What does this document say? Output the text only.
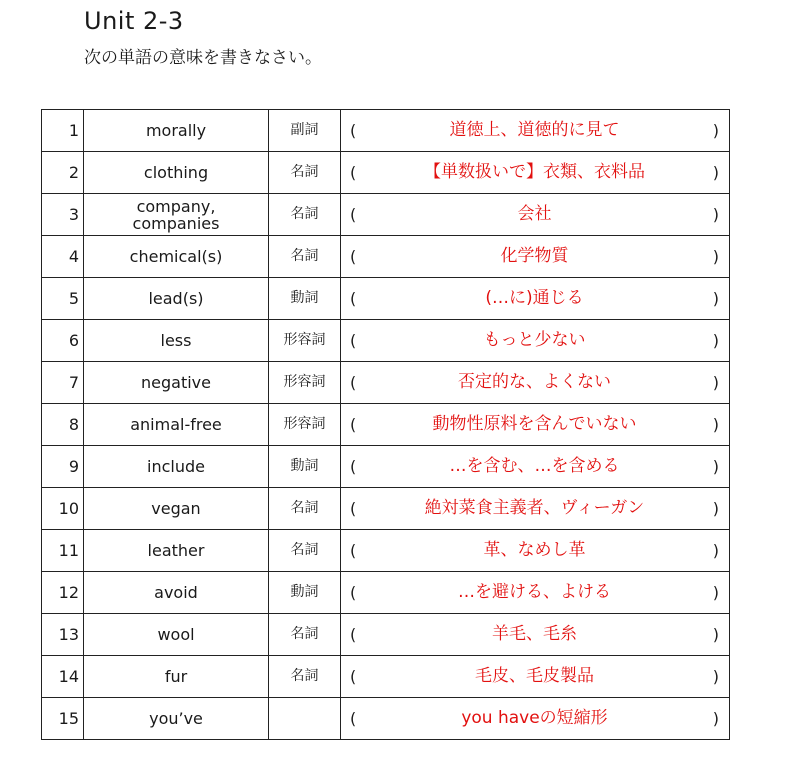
Unit 2-3
次の単語の意味を書きなさい。
1	morally	副詞	( 道徳上、道徳的に見て )

2	clothing	名詞	( 【単数扱いで】衣類、衣料品 )

3	company,
companies	名詞	( 会社 )

4	chemical(s)	名詞	( 化学物質 )

5	lead(s)	動詞	( (…に)通じる )

6	less	形容詞	( もっと少ない )

7	negative	形容詞	( 否定的な、よくない )

8	animal-free	形容詞	( 動物性原料を含んでいない )

9	include	動詞	( …を含む、…を含める )

10	vegan	名詞	( 絶対菜食主義者、ヴィーガン )

11	leather	名詞	( 革、なめし革 )

12	avoid	動詞	( …を避ける、よける )

13	wool	名詞	( 羊毛、毛糸 )

14	fur	名詞	( 毛皮、毛皮製品 )

15	you’ve		( you haveの短縮形 )
